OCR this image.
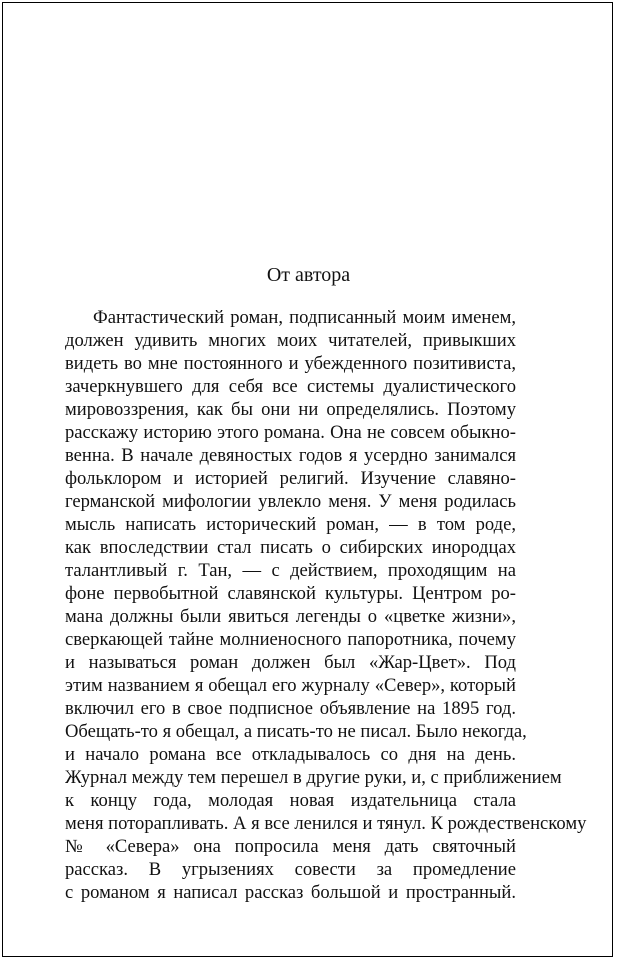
От автора
Фантастический роман, подписанный моим именем,
должен удивить многих моих читателей, привыкших
видеть во мне постоянного и убежденного позитивиста,
зачеркнувшего для себя все системы дуалистического
мировоззрения, как бы они ни определялись. Поэтому
расскажу историю этого романа. Она не совсем обыкно-
венна. В начале девяностых годов я усердно занимался
фольклором и историей религий. Изучение славяно-
германской мифологии увлекло меня. У меня родилась
мысль написать исторический роман, — в том роде,
как впоследствии стал писать о сибирских инородцах
талантливый г. Тан, — с действием, проходящим на
фоне первобытной славянской культуры. Центром ро-
мана должны были явиться легенды о «цветке жизни»,
сверкающей тайне молниеносного папоротника, почему
и называться роман должен был «Жар-Цвет». Под
этим названием я обещал его журналу «Север», который
включил его в свое подписное объявление на 1895 год.
Обещать-то я обещал, а писать-то не писал. Было некогда,
и начало романа все откладывалось со дня на день.
Журнал между тем перешел в другие руки, и, с приближением
к концу года, молодая новая издательница стала
меня поторапливать. А я все ленился и тянул. К рождественскому
№ «Севера» она попросила меня дать святочный
рассказ. В угрызениях совести за промедление
с романом я написал рассказ большой и пространный.
